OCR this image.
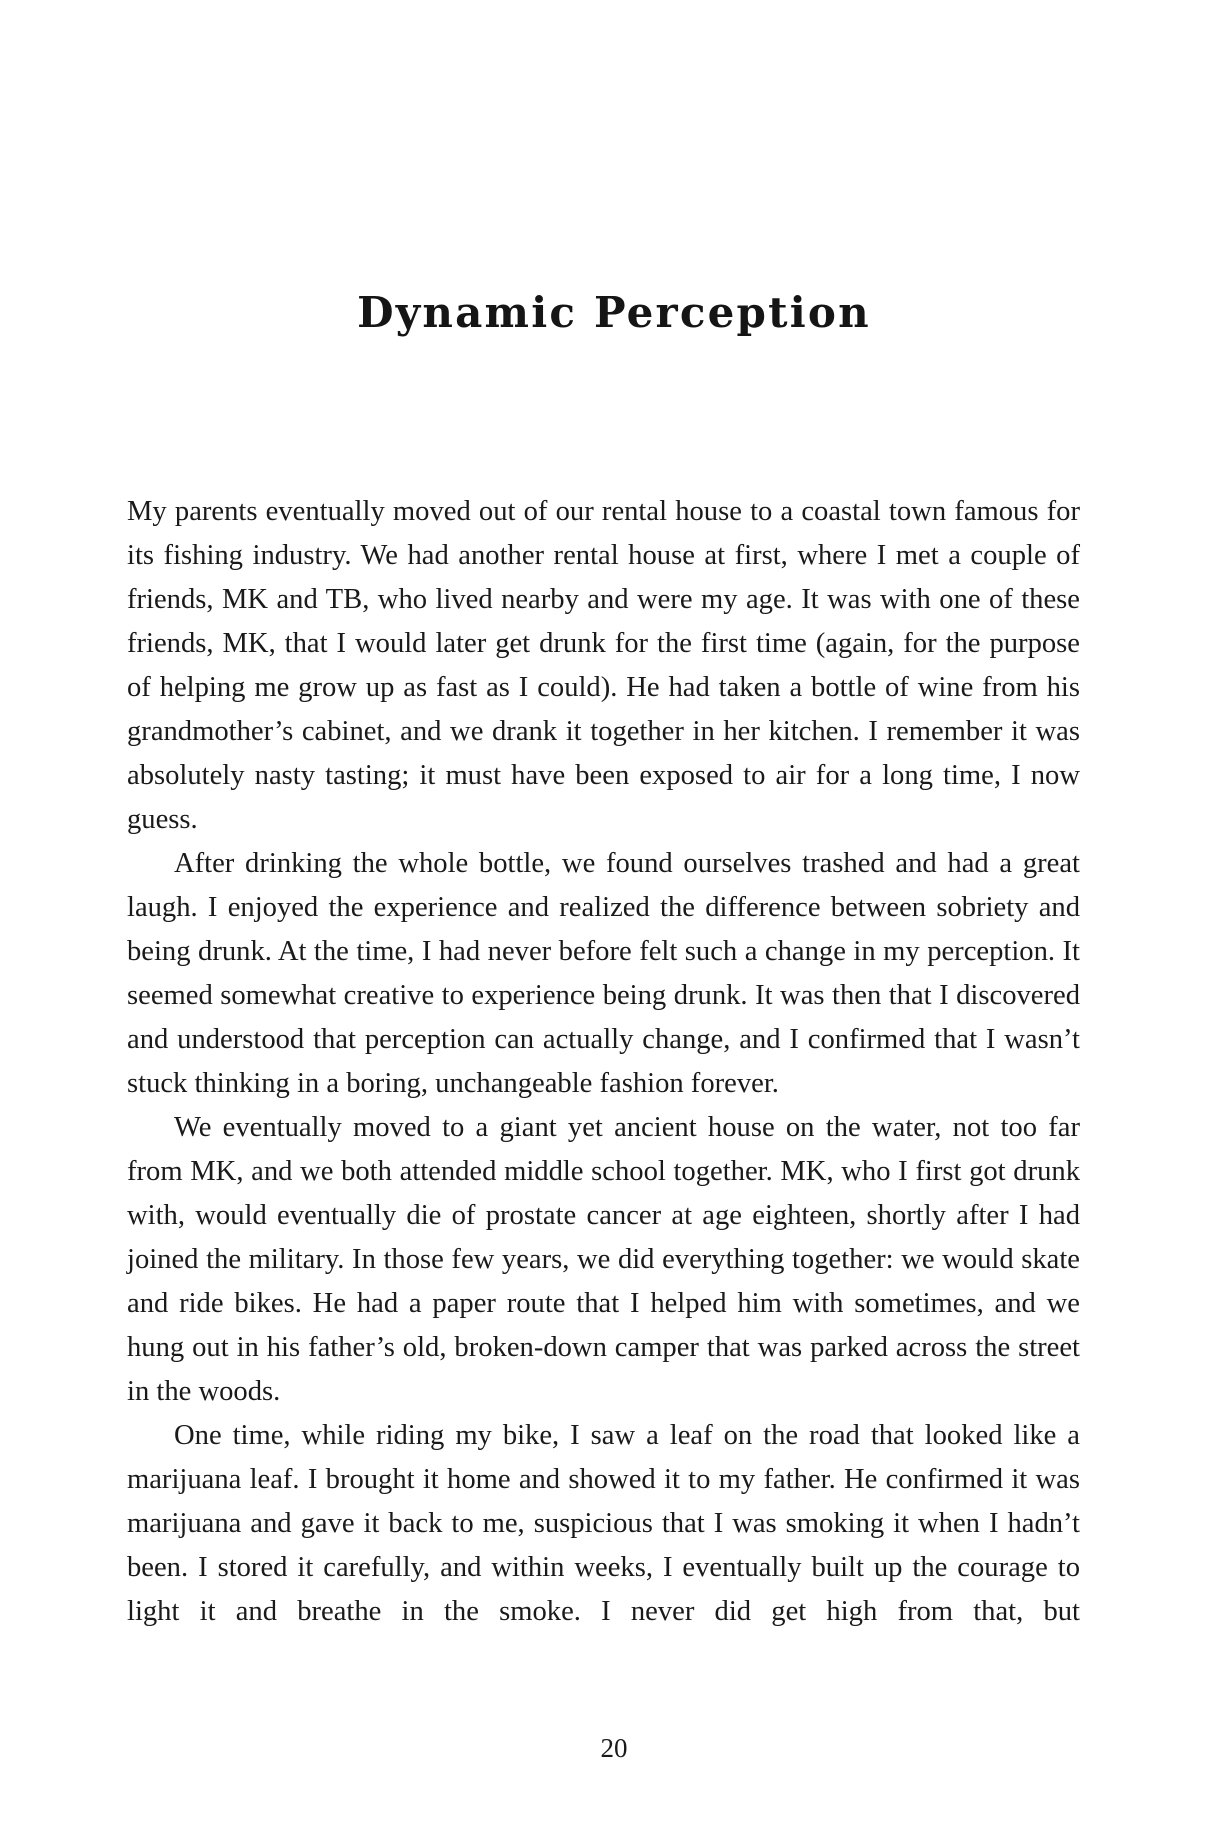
Dynamic Perception

My parents eventually moved out of our rental house to a coastal town famous for its fishing industry. We had another rental house at first, where I met a couple of friends, MK and TB, who lived nearby and were my age. It was with one of these friends, MK, that I would later get drunk for the first time (again, for the purpose of helping me grow up as fast as I could). He had taken a bottle of wine from his grandmother’s cabinet, and we drank it together in her kitchen. I remember it was absolutely nasty tasting; it must have been exposed to air for a long time, I now guess.

After drinking the whole bottle, we found ourselves trashed and had a great laugh. I enjoyed the experience and realized the difference between sobriety and being drunk. At the time, I had never before felt such a change in my perception. It seemed somewhat creative to experience being drunk. It was then that I discovered and understood that perception can actually change, and I confirmed that I wasn’t stuck thinking in a boring, unchangeable fashion forever.

We eventually moved to a giant yet ancient house on the water, not too far from MK, and we both attended middle school together. MK, who I first got drunk with, would eventually die of prostate cancer at age eighteen, shortly after I had joined the military. In those few years, we did everything together: we would skate and ride bikes. He had a paper route that I helped him with sometimes, and we hung out in his father’s old, broken-down camper that was parked across the street in the woods.

One time, while riding my bike, I saw a leaf on the road that looked like a marijuana leaf. I brought it home and showed it to my father. He confirmed it was marijuana and gave it back to me, suspicious that I was smoking it when I hadn’t been. I stored it carefully, and within weeks, I eventually built up the courage to light it and breathe in the smoke. I never did get high from that, but

20
